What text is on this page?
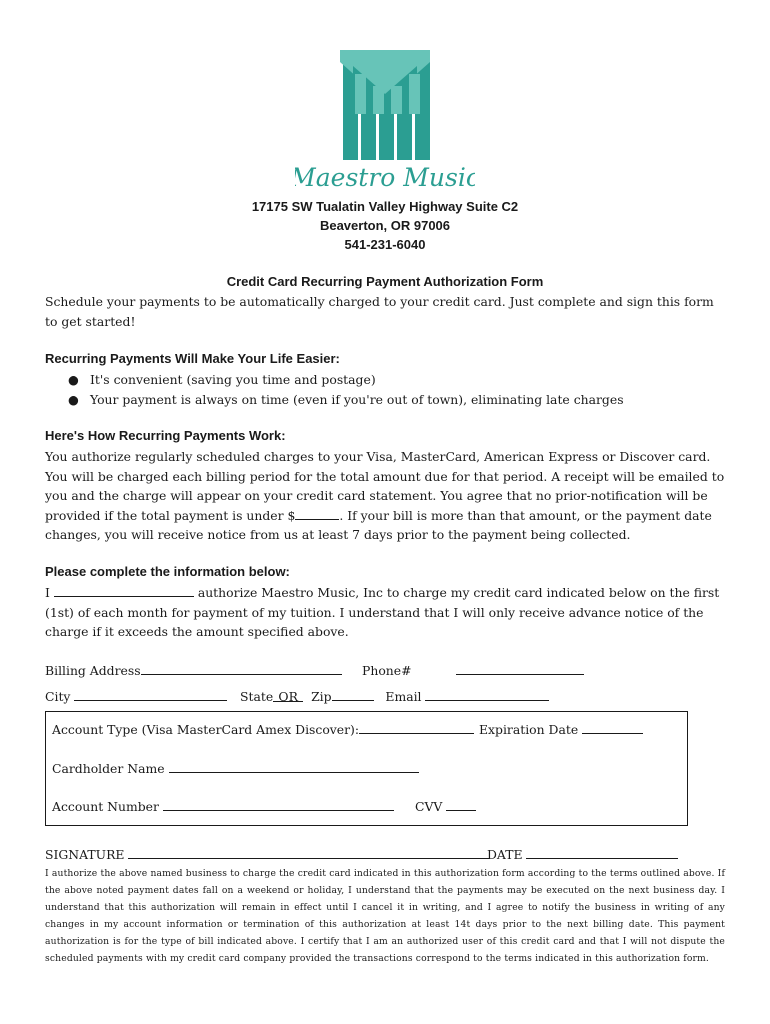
Maestro Music
17175 SW Tualatin Valley Highway Suite C2
Beaverton, OR 97006
541-231-6040
Credit Card Recurring Payment Authorization Form
Schedule your payments to be automatically charged to your credit card. Just complete and sign this form to get started!
Recurring Payments Will Make Your Life Easier:
● It's convenient (saving you time and postage)
● Your payment is always on time (even if you're out of town), eliminating late charges
Here's How Recurring Payments Work:
You authorize regularly scheduled charges to your Visa, MasterCard, American Express or Discover card. You will be charged each billing period for the total amount due for that period. A receipt will be emailed to you and the charge will appear on your credit card statement. You agree that no prior-notification will be provided if the total payment is under $	. If your bill is more than that amount, or the payment date changes, you will receive notice from us at least 7 days prior to the payment being collected.
Please complete the information below:
I	authorize Maestro Music, Inc to charge my credit card indicated below on the first (1st) of each month for payment of my tuition. I understand that I will only receive advance notice of the charge if it exceeds the amount specified above.
Billing Address	Phone#
City	State OR Zip	Email
Account Type (Visa MasterCard Amex Discover):	Expiration Date
Cardholder Name
Account Number	CVV
SIGNATURE	DATE
I authorize the above named business to charge the credit card indicated in this authorization form according to the terms outlined above. If the above noted payment dates fall on a weekend or holiday, I understand that the payments may be executed on the next business day. I understand that this authorization will remain in effect until I cancel it in writing, and I agree to notify the business in writing of any changes in my account information or termination of this authorization at least 14t days prior to the next billing date. This payment authorization is for the type of bill indicated above. I certify that I am an authorized user of this credit card and that I will not dispute the scheduled payments with my credit card company provided the transactions correspond to the terms indicated in this authorization form.
